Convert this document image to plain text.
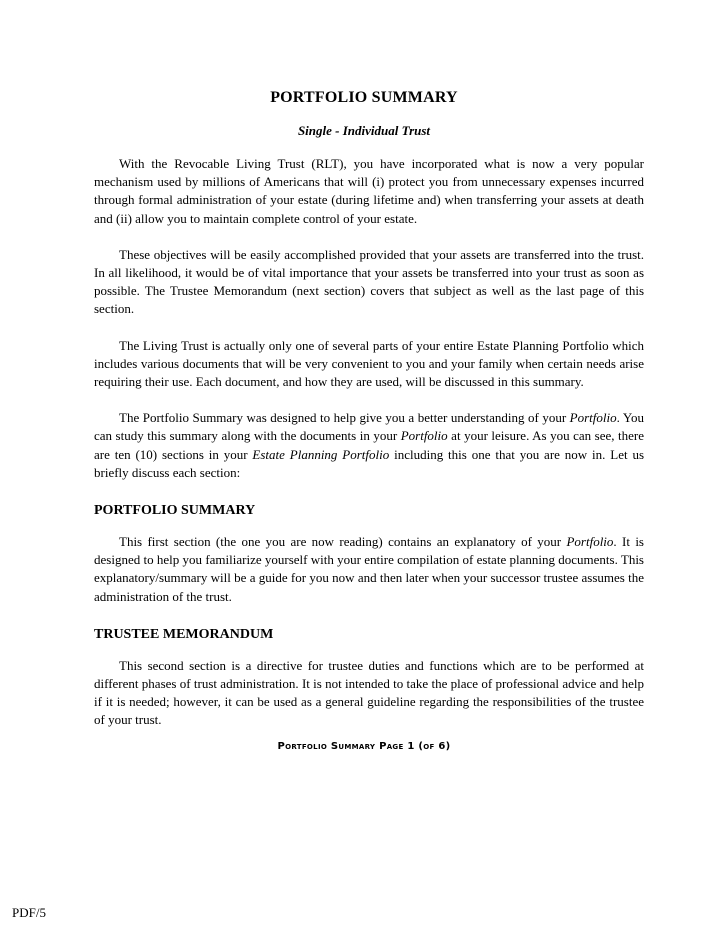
PORTFOLIO SUMMARY
Single - Individual Trust

With the Revocable Living Trust (RLT), you have incorporated what is now a very popular mechanism used by millions of Americans that will (i) protect you from unnecessary expenses incurred through formal administration of your estate (during lifetime and) when transferring your assets at death and (ii) allow you to maintain complete control of your estate.

These objectives will be easily accomplished provided that your assets are transferred into the trust. In all likelihood, it would be of vital importance that your assets be transferred into your trust as soon as possible. The Trustee Memorandum (next section) covers that subject as well as the last page of this section.

The Living Trust is actually only one of several parts of your entire Estate Planning Portfolio which includes various documents that will be very convenient to you and your family when certain needs arise requiring their use. Each document, and how they are used, will be discussed in this summary.

The Portfolio Summary was designed to help give you a better understanding of your Portfolio. You can study this summary along with the documents in your Portfolio at your leisure. As you can see, there are ten (10) sections in your Estate Planning Portfolio including this one that you are now in. Let us briefly discuss each section:

PORTFOLIO SUMMARY

This first section (the one you are now reading) contains an explanatory of your Portfolio. It is designed to help you familiarize yourself with your entire compilation of estate planning documents. This explanatory/summary will be a guide for you now and then later when your successor trustee assumes the administration of the trust.

TRUSTEE MEMORANDUM

This second section is a directive for trustee duties and functions which are to be performed at different phases of trust administration. It is not intended to take the place of professional advice and help if it is needed; however, it can be used as a general guideline regarding the responsibilities of the trustee of your trust.

Portfolio Summary Page 1 (of 6)
PDF/5
